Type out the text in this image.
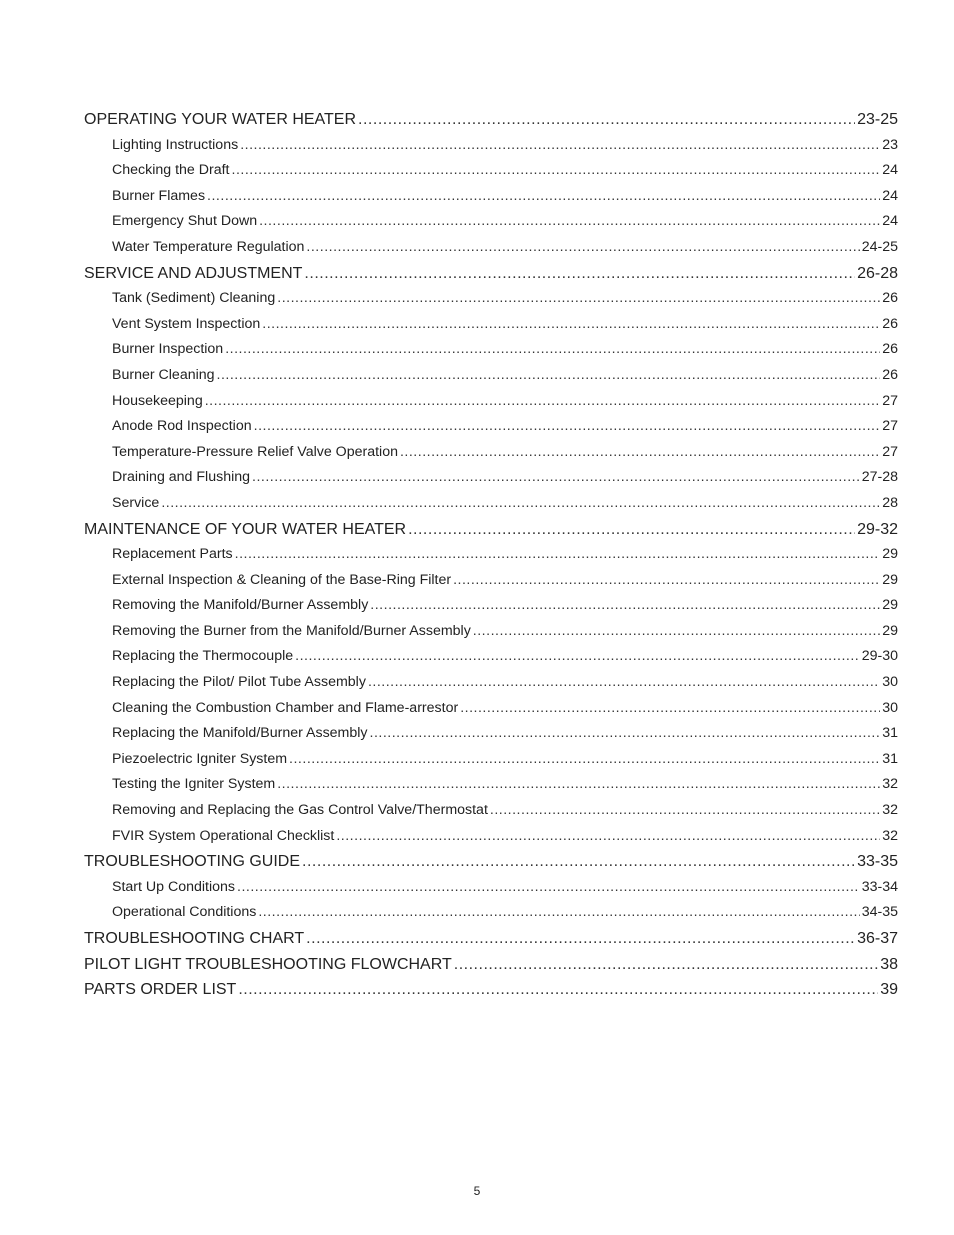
OPERATING YOUR WATER HEATER .....	23-25
Lighting Instructions .....	23
Checking the Draft .....	24
Burner Flames .....	24
Emergency Shut Down .....	24
Water Temperature Regulation .....	24-25
SERVICE AND ADJUSTMENT .....	26-28
Tank (Sediment) Cleaning .....	26
Vent System Inspection .....	26
Burner Inspection .....	26
Burner Cleaning .....	26
Housekeeping .....	27
Anode Rod Inspection .....	27
Temperature-Pressure Relief Valve Operation .....	27
Draining and Flushing .....	27-28
Service .....	28
MAINTENANCE OF YOUR WATER HEATER .....	29-32
Replacement Parts .....	29
External Inspection & Cleaning of the Base-Ring Filter .....	29
Removing the Manifold/Burner Assembly .....	29
Removing the Burner from the Manifold/Burner Assembly .....	29
Replacing the Thermocouple .....	29-30
Replacing the Pilot/ Pilot Tube Assembly .....	30
Cleaning the Combustion Chamber and Flame-arrestor .....	30
Replacing the Manifold/Burner Assembly .....	31
Piezoelectric Igniter System .....	31
Testing the Igniter System .....	32
Removing and Replacing the Gas Control Valve/Thermostat .....	32
FVIR System Operational Checklist .....	32
TROUBLESHOOTING GUIDE .....	33-35
Start Up Conditions .....	33-34
Operational Conditions .....	34-35
TROUBLESHOOTING CHART .....	36-37
PILOT LIGHT TROUBLESHOOTING FLOWCHART .....	38
PARTS ORDER LIST .....	39
5
